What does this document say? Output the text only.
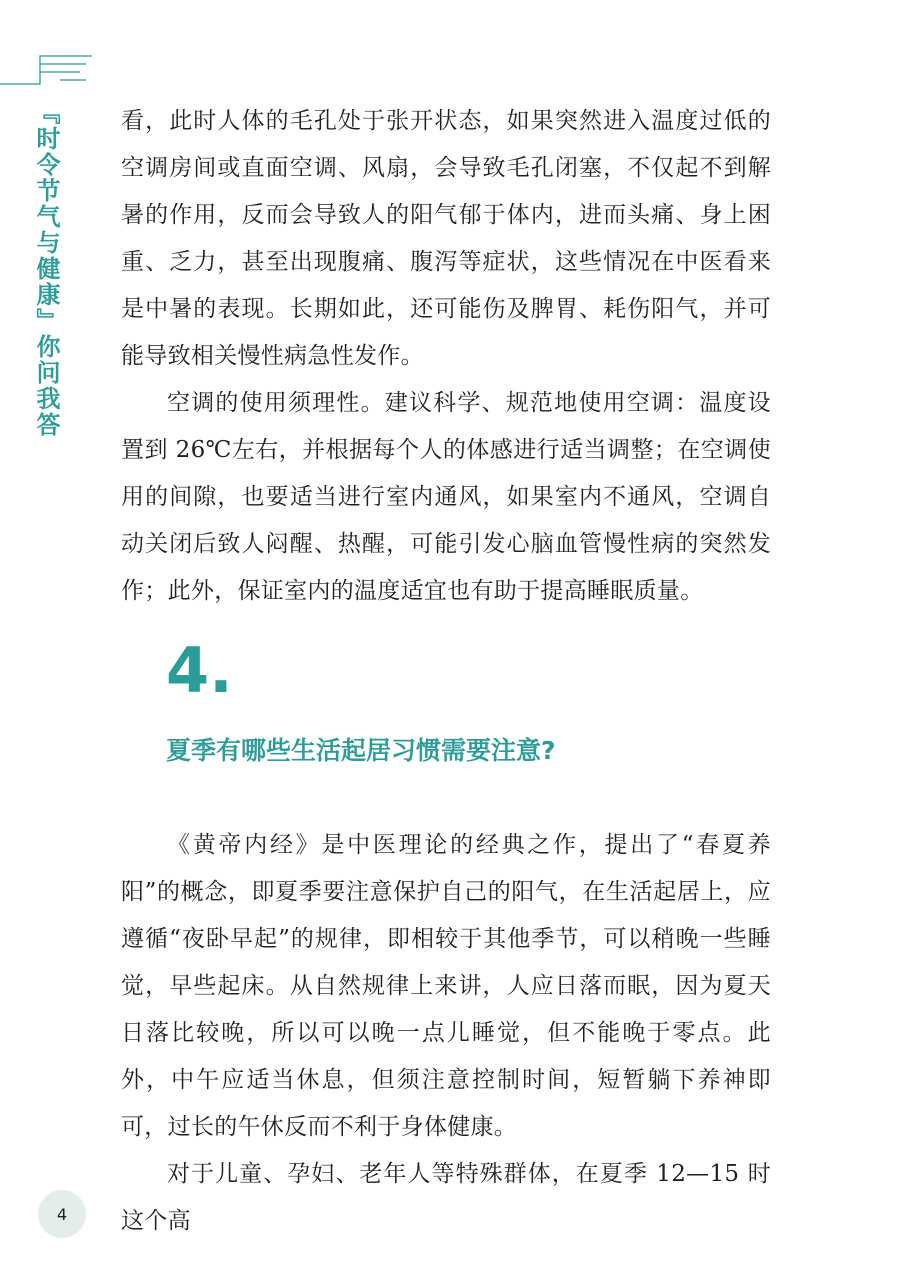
『时令节气与健康』你问我答	看，此时人体的毛孔处于张开状态，如果突然进入温度过低的空调房间或直面空调、风扇，会导致毛孔闭塞，不仅起不到解暑的作用，反而会导致人的阳气郁于体内，进而头痛、身上困重、乏力，甚至出现腹痛、腹泻等症状，这些情况在中医看来是中暑的表现。长期如此，还可能伤及脾胃、耗伤阳气，并可能导致相关慢性病急性发作。

空调的使用须理性。建议科学、规范地使用空调：温度设置到 26℃左右，并根据每个人的体感进行适当调整；在空调使用的间隙，也要适当进行室内通风，如果室内不通风，空调自动关闭后致人闷醒、热醒，可能引发心脑血管慢性病的突然发作；此外，保证室内的温度适宜也有助于提高睡眠质量。

4.
夏季有哪些生活起居习惯需要注意?

《黄帝内经》是中医理论的经典之作，提出了“春夏养阳”的概念，即夏季要注意保护自己的阳气，在生活起居上，应遵循“夜卧早起”的规律，即相较于其他季节，可以稍晚一些睡觉，早些起床。从自然规律上来讲，人应日落而眠，因为夏天日落比较晚，所以可以晚一点儿睡觉，但不能晚于零点。此外，中午应适当休息，但须注意控制时间，短暂躺下养神即可，过长的午休反而不利于身体健康。

对于儿童、孕妇、老年人等特殊群体，在夏季 12—15 时这个高

4
